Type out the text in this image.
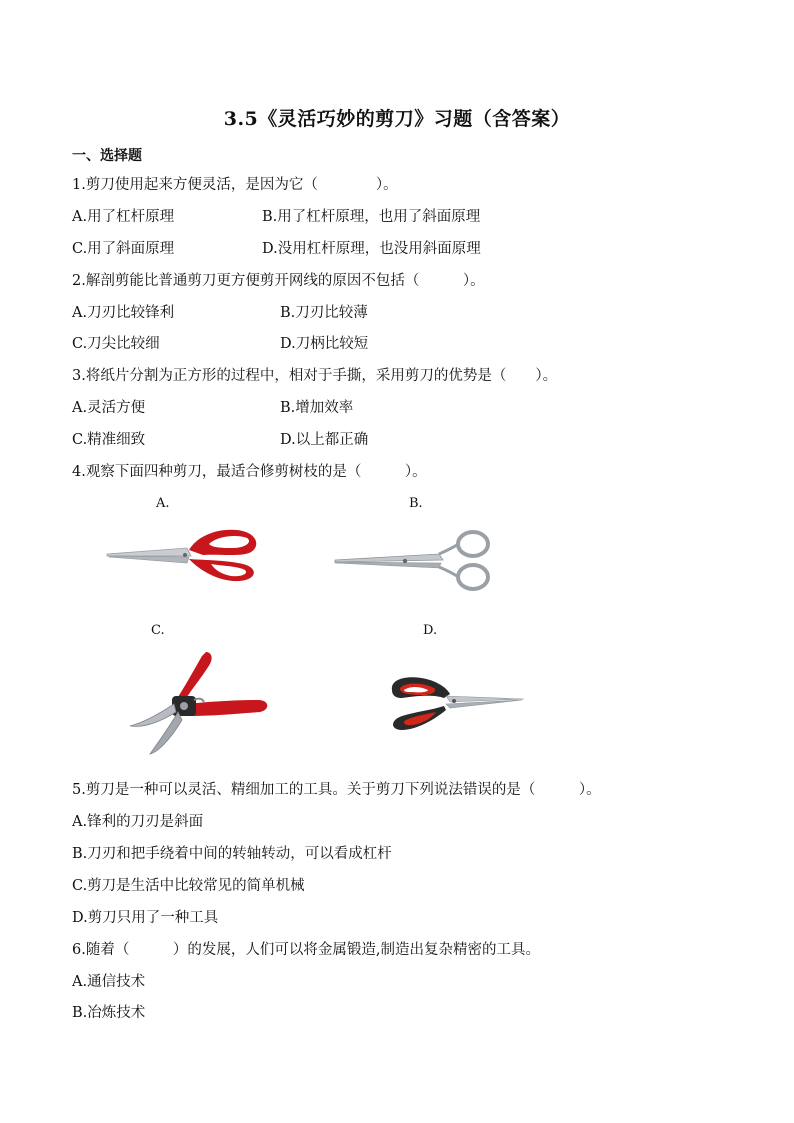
3.5《灵活巧妙的剪刀》习题（含答案）
一、选择题
1.剪刀使用起来方便灵活，是因为它（　　　　）。
A.用了杠杆原理	B.用了杠杆原理，也用了斜面原理
C.用了斜面原理	D.没用杠杆原理，也没用斜面原理
2.解剖剪能比普通剪刀更方便剪开网线的原因不包括（　　　）。
A.刀刃比较锋利	B.刀刃比较薄
C.刀尖比较细	D.刀柄比较短
3.将纸片分割为正方形的过程中，相对于手撕，采用剪刀的优势是（　　）。
A.灵活方便	B.增加效率
C.精准细致	D.以上都正确
4.观察下面四种剪刀，最适合修剪树枝的是（　　　）。
A.	B.
C.	D.
5.剪刀是一种可以灵活、精细加工的工具。关于剪刀下列说法错误的是（　　　）。
A.锋利的刀刃是斜面
B.刀刃和把手绕着中间的转轴转动，可以看成杠杆
C.剪刀是生活中比较常见的简单机械
D.剪刀只用了一种工具
6.随着（　　　）的发展，人们可以将金属锻造,制造出复杂精密的工具。
A.通信技术
B.冶炼技术
